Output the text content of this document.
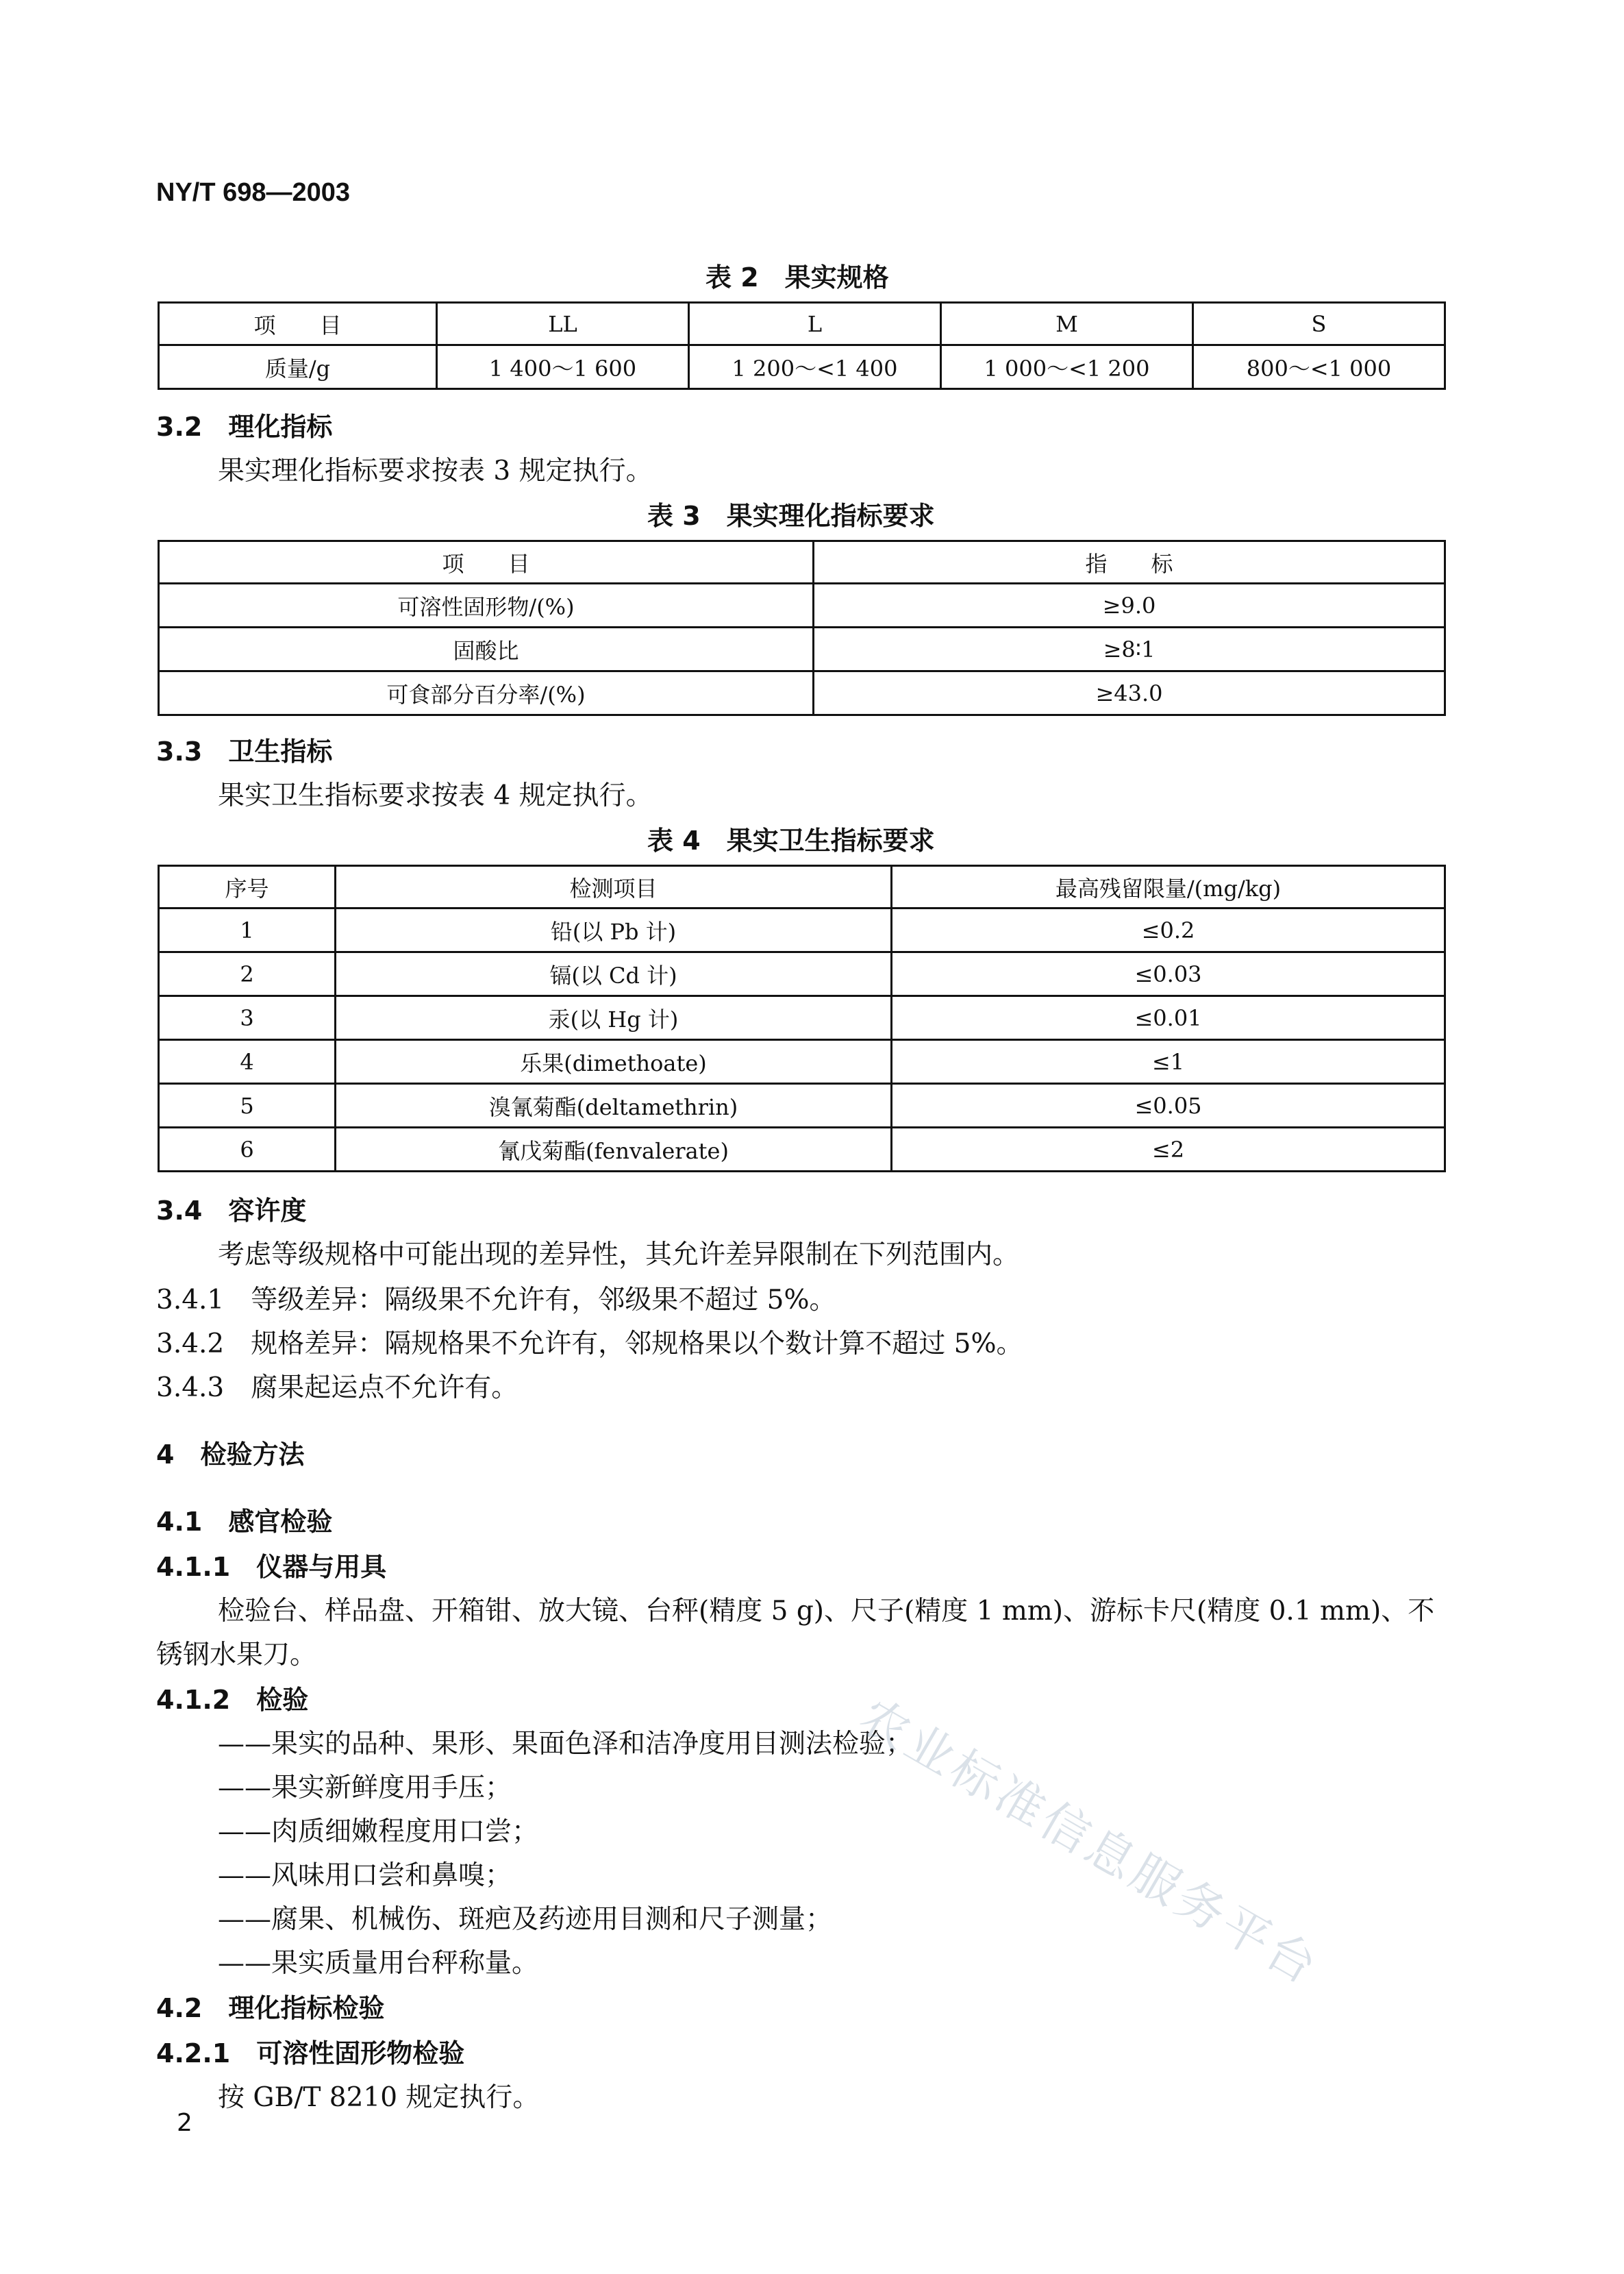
NY/T 698—2003
表 2　果实规格
项　　目	LL	L	M	S
质量/g	1 400～1 600	1 200～<1 400	1 000～<1 200	800～<1 000
3.2　理化指标
果实理化指标要求按表 3 规定执行。
表 3　果实理化指标要求
项　　目	指　　标
可溶性固形物/(%)	≥9.0
固酸比	≥8∶1
可食部分百分率/(%)	≥43.0
3.3　卫生指标
果实卫生指标要求按表 4 规定执行。
表 4　果实卫生指标要求
序号	检测项目	最高残留限量/(mg/kg)
1	铅(以 Pb 计)	≤0.2
2	镉(以 Cd 计)	≤0.03
3	汞(以 Hg 计)	≤0.01
4	乐果(dimethoate)	≤1
5	溴氰菊酯(deltamethrin)	≤0.05
6	氰戊菊酯(fenvalerate)	≤2
3.4　容许度
考虑等级规格中可能出现的差异性，其允许差异限制在下列范围内。
3.4.1　等级差异：隔级果不允许有，邻级果不超过 5%。
3.4.2　规格差异：隔规格果不允许有，邻规格果以个数计算不超过 5%。
3.4.3　腐果起运点不允许有。
4　检验方法
4.1　感官检验
4.1.1　仪器与用具
检验台、样品盘、开箱钳、放大镜、台秤(精度 5 g)、尺子(精度 1 mm)、游标卡尺(精度 0.1 mm)、不
锈钢水果刀。
4.1.2　检验
——果实的品种、果形、果面色泽和洁净度用目测法检验；
——果实新鲜度用手压；
——肉质细嫩程度用口尝；
——风味用口尝和鼻嗅；
——腐果、机械伤、斑疤及药迹用目测和尺子测量；
——果实质量用台秤称量。
4.2　理化指标检验
4.2.1　可溶性固形物检验
按 GB/T 8210 规定执行。
2
农业标准信息服务平台
